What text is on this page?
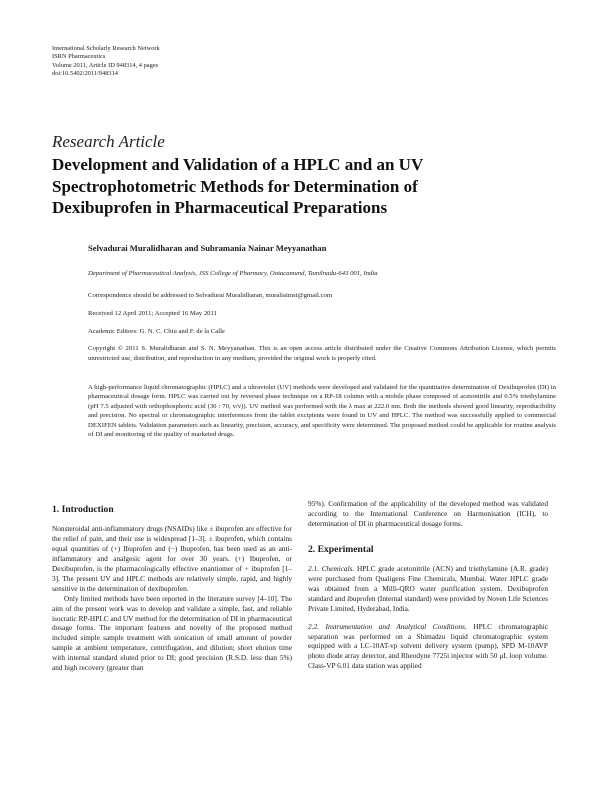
International Scholarly Research Network
ISRN Pharmaceutics
Volume 2011, Article ID 948314, 4 pages
doi:10.5402/2011/948314
Research Article
Development and Validation of a HPLC and an UV
Spectrophotometric Methods for Determination of
Dexibuprofen in Pharmaceutical Preparations
Selvadurai Muralidharan and Subramania Nainar Meyyanathan
Department of Pharmaceutical Analysis, JSS College of Pharmacy, Ootacamund, Tamilnadu-643 001, India
Correspondence should be addressed to Selvadurai Muralidharan, muraliaimst@gmail.com
Received 12 April 2011; Accepted 16 May 2011
Academic Editors: G. N. C. Chiu and F. de la Calle
Copyright © 2011 S. Muralidharan and S. N. Meyyanathan. This is an open access article distributed under the Creative Commons Attribution License, which permits unrestricted use, distribution, and reproduction in any medium, provided the original work is properly cited.
A high-performance liquid chromatographic (HPLC) and a ultraviolet (UV) methods were developed and validated for the quantitative determination of Dexibuprofen (DI) in pharmaceutical dosage form. HPLC was carried out by reversed phase technique on a RP-18 column with a mobile phase composed of acetonitrile and 0.5% triethylamine (pH 7.5 adjusted with orthophosphoric acid (30 : 70, v/v)). UV method was performed with the λ max at 222.0 nm. Both the methods showed good linearity, reproducibility and precision. No spectral or chromatographic interferences from the tablet excipients were found in UV and HPLC. The method was successfully applied to commercial DEXIFEN tablets. Validation parameters such as linearity, precision, accuracy, and specificity were determined. The proposed method could be applicable for routine analysis of DI and monitoring of the quality of marketed drugs.
1. Introduction

Nonsteroidal anti-inflammatory drugs (NSAIDs) like ± ibuprofen are effective for the relief of pain, and their use is widespread [1–3]. ± ibuprofen, which contains equal quantities of (+) Ibuprofen and (−) Ibuprofen, has been used as an anti-inflammatory and analgesic agent for over 30 years. (+) Ibuprofen, or Dexibuprofen, is the pharmacologically effective enantiomer of + ibuprofen [1–3]. The present UV and HPLC methods are relatively simple, rapid, and highly sensitive in the determination of dexibuprofen.

Only limited methods have been reported in the literature survey [4–10]. The aim of the present work was to develop and validate a simple, fast, and reliable isocratic RP-HPLC and UV method for the determination of DI in pharmaceutical dosage forms. The important features and novelty of the proposed method included simple sample treatment with sonication of small amount of powder sample at ambient temperature, centrifugation, and dilution; short elution time with internal standard eluted prior to DI; good precision (R.S.D. less than 5%) and high recovery (greater than

95%). Confirmation of the applicability of the developed method was validated according to the International Conference on Harmonisation (ICH), to determination of DI in pharmaceutical dosage forms.

2. Experimental

2.1. Chemicals. HPLC grade acetonitrile (ACN) and triethylamine (A.R. grade) were purchased from Qualigens Fine Chemicals, Mumbai. Water HPLC grade was obtained from a Milli-QRO water purification system. Dexibuprofen standard and ibuprofen (Internal standard) were provided by Noven Life Sciences Private Limited, Hyderabad, India.

2.2. Instrumentation and Analytical Conditions. HPLC chromatographic separation was performed on a Shimadzu liquid chromatographic system equipped with a LC-10AT-vp solvent delivery system (pump), SPD M-10AVP photo diode array detector, and Rheodyne 7725i injector with 50 μL loop volume. Class-VP 6.01 data station was applied
